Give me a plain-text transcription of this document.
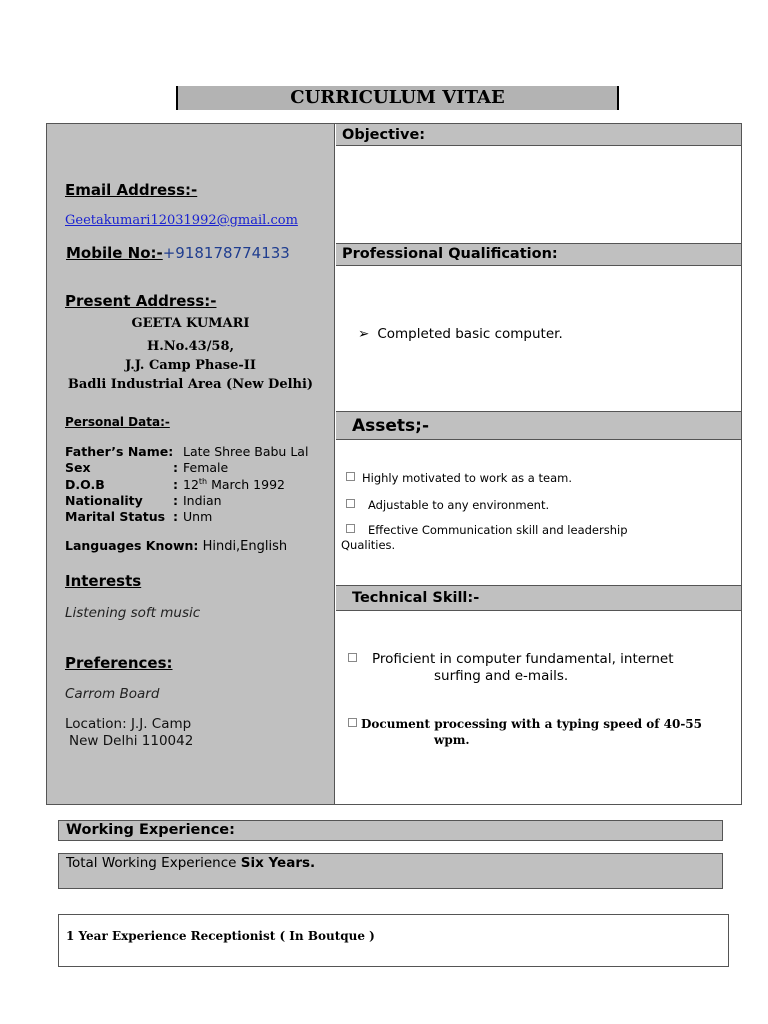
CURRICULUM VITAE
Email Address:-
Geetakumari12031992@gmail.com
Mobile No:-+918178774133
Present Address:-
GEETA KUMARI
H.No.43/58,
J.J. Camp Phase-II
Badli Industrial Area (New Delhi)
Personal Data:-
Father’s Name: Late Shree Babu Lal
Sex	: Female
D.O.B	: 12th March 1992
Nationality : Indian
Marital Status : Unm
Languages Known: Hindi,English
Interests
Listening soft music
Preferences:
Carrom Board
Location: J.J. Camp
New Delhi 110042
Objective:
Professional Qualification:
➢ Completed basic computer.
Assets;-
Highly motivated to work as a team.
Adjustable to any environment.
Effective Communication skill and leadership
Qualities.
Technical Skill:-
Proficient in computer fundamental, internet
surfing and e-mails.
Document processing with a typing speed of 40-55
wpm.
Working Experience:
Total Working Experience Six Years.
1 Year Experience Receptionist ( In Boutque )
